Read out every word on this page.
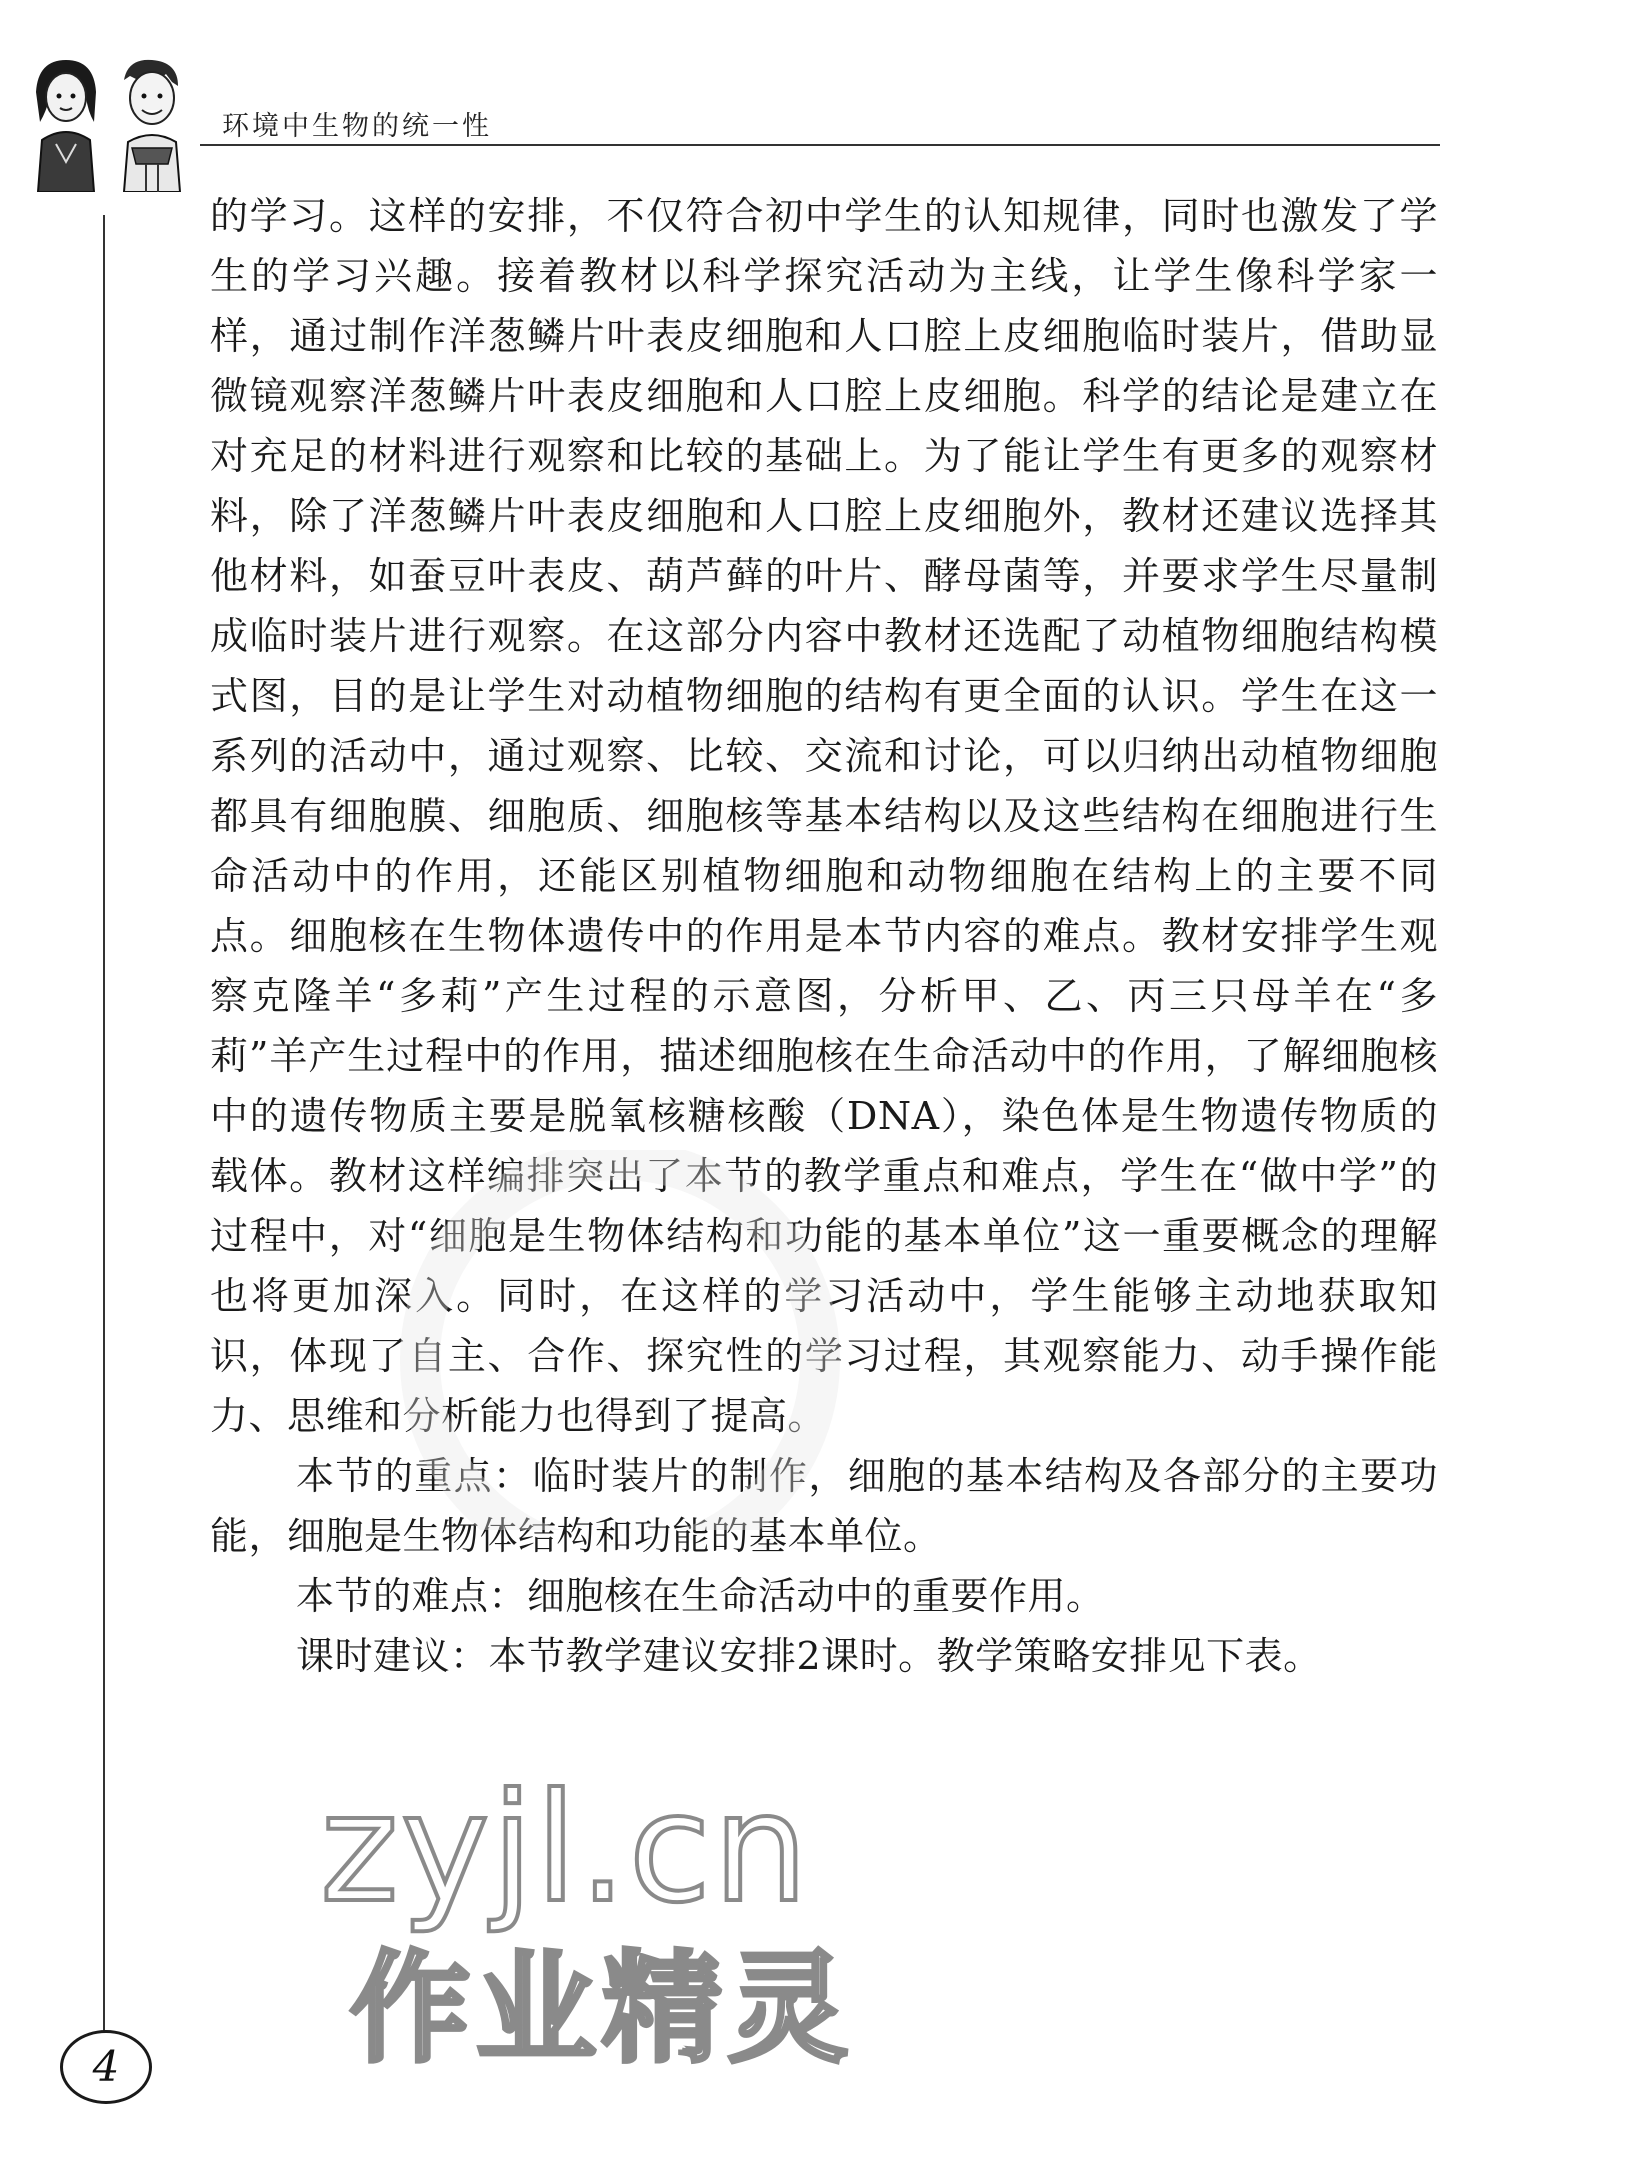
环境中生物的统一性

的学习。这样的安排，不仅符合初中学生的认知规律，同时也激发了学生的学习兴趣。接着教材以科学探究活动为主线，让学生像科学家一样，通过制作洋葱鳞片叶表皮细胞和人口腔上皮细胞临时装片，借助显微镜观察洋葱鳞片叶表皮细胞和人口腔上皮细胞。科学的结论是建立在对充足的材料进行观察和比较的基础上。为了能让学生有更多的观察材料，除了洋葱鳞片叶表皮细胞和人口腔上皮细胞外，教材还建议选择其他材料，如蚕豆叶表皮、葫芦藓的叶片、酵母菌等，并要求学生尽量制成临时装片进行观察。在这部分内容中教材还选配了动植物细胞结构模式图，目的是让学生对动植物细胞的结构有更全面的认识。学生在这一系列的活动中，通过观察、比较、交流和讨论，可以归纳出动植物细胞都具有细胞膜、细胞质、细胞核等基本结构以及这些结构在细胞进行生命活动中的作用，还能区别植物细胞和动物细胞在结构上的主要不同点。细胞核在生物体遗传中的作用是本节内容的难点。教材安排学生观察克隆羊“多莉”产生过程的示意图，分析甲、乙、丙三只母羊在“多莉”羊产生过程中的作用，描述细胞核在生命活动中的作用，了解细胞核中的遗传物质主要是脱氧核糖核酸（DNA），染色体是生物遗传物质的载体。教材这样编排突出了本节的教学重点和难点，学生在“做中学”的过程中，对“细胞是生物体结构和功能的基本单位”这一重要概念的理解也将更加深入。同时，在这样的学习活动中，学生能够主动地获取知识，体现了自主、合作、探究性的学习过程，其观察能力、动手操作能力、思维和分析能力也得到了提高。

本节的重点：临时装片的制作，细胞的基本结构及各部分的主要功能，细胞是生物体结构和功能的基本单位。

本节的难点：细胞核在生命活动中的重要作用。

课时建议：本节教学建议安排2课时。教学策略安排见下表。

zyjl.cn
作业精灵
4
